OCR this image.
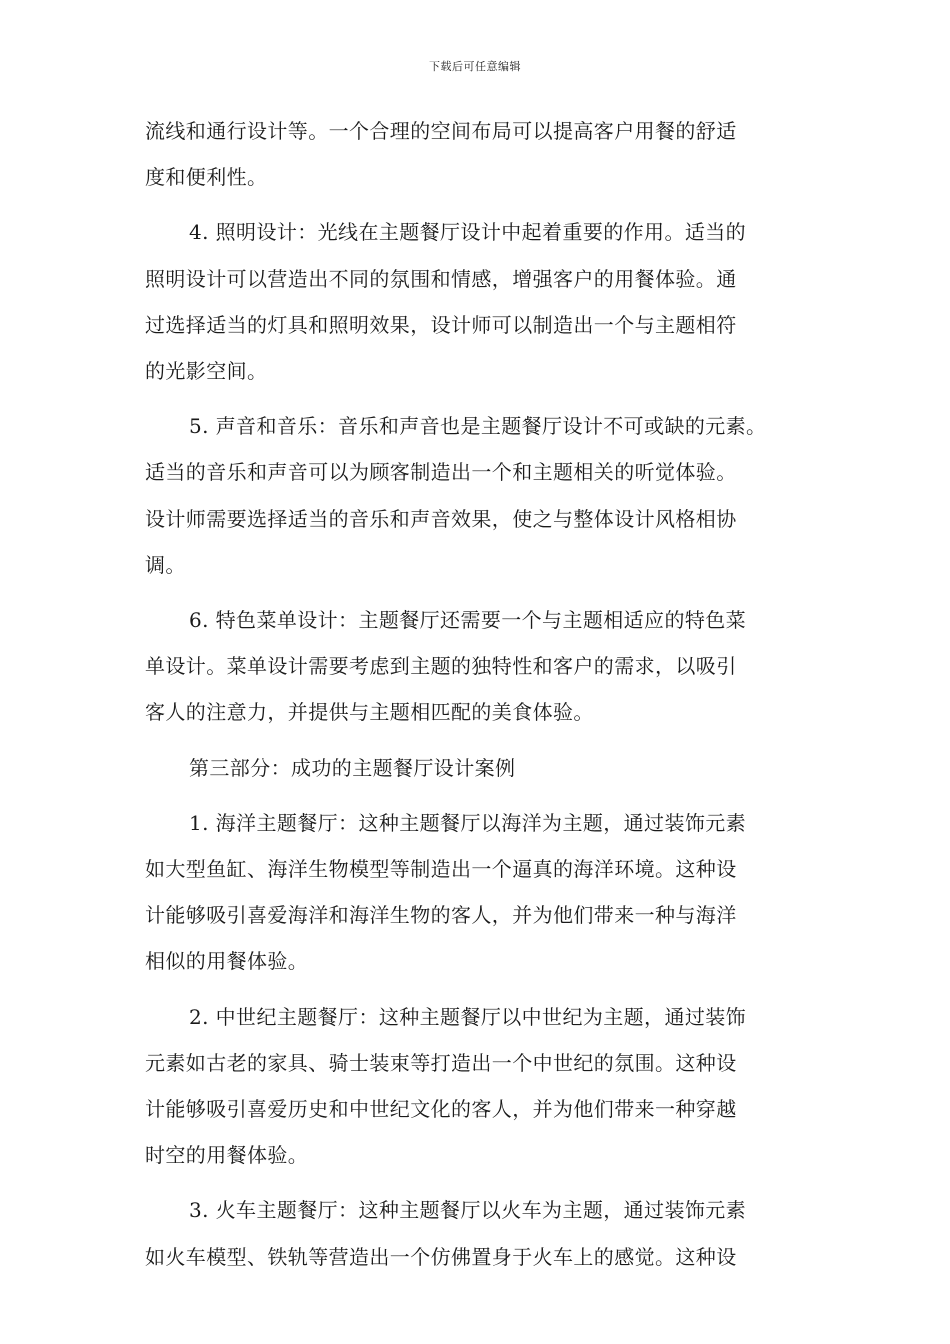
下载后可任意编辑

流线和通行设计等。一个合理的空间布局可以提高客户用餐的舒适
度和便利性。

4. 照明设计：光线在主题餐厅设计中起着重要的作用。适当的
照明设计可以营造出不同的氛围和情感，增强客户的用餐体验。通
过选择适当的灯具和照明效果，设计师可以制造出一个与主题相符
的光影空间。

5. 声音和音乐：音乐和声音也是主题餐厅设计不可或缺的元素。
适当的音乐和声音可以为顾客制造出一个和主题相关的听觉体验。
设计师需要选择适当的音乐和声音效果，使之与整体设计风格相协
调。

6. 特色菜单设计：主题餐厅还需要一个与主题相适应的特色菜
单设计。菜单设计需要考虑到主题的独特性和客户的需求，以吸引
客人的注意力，并提供与主题相匹配的美食体验。

第三部分：成功的主题餐厅设计案例

1. 海洋主题餐厅：这种主题餐厅以海洋为主题，通过装饰元素
如大型鱼缸、海洋生物模型等制造出一个逼真的海洋环境。这种设
计能够吸引喜爱海洋和海洋生物的客人，并为他们带来一种与海洋
相似的用餐体验。

2. 中世纪主题餐厅：这种主题餐厅以中世纪为主题，通过装饰
元素如古老的家具、骑士装束等打造出一个中世纪的氛围。这种设
计能够吸引喜爱历史和中世纪文化的客人，并为他们带来一种穿越
时空的用餐体验。

3. 火车主题餐厅：这种主题餐厅以火车为主题，通过装饰元素
如火车模型、铁轨等营造出一个仿佛置身于火车上的感觉。这种设
